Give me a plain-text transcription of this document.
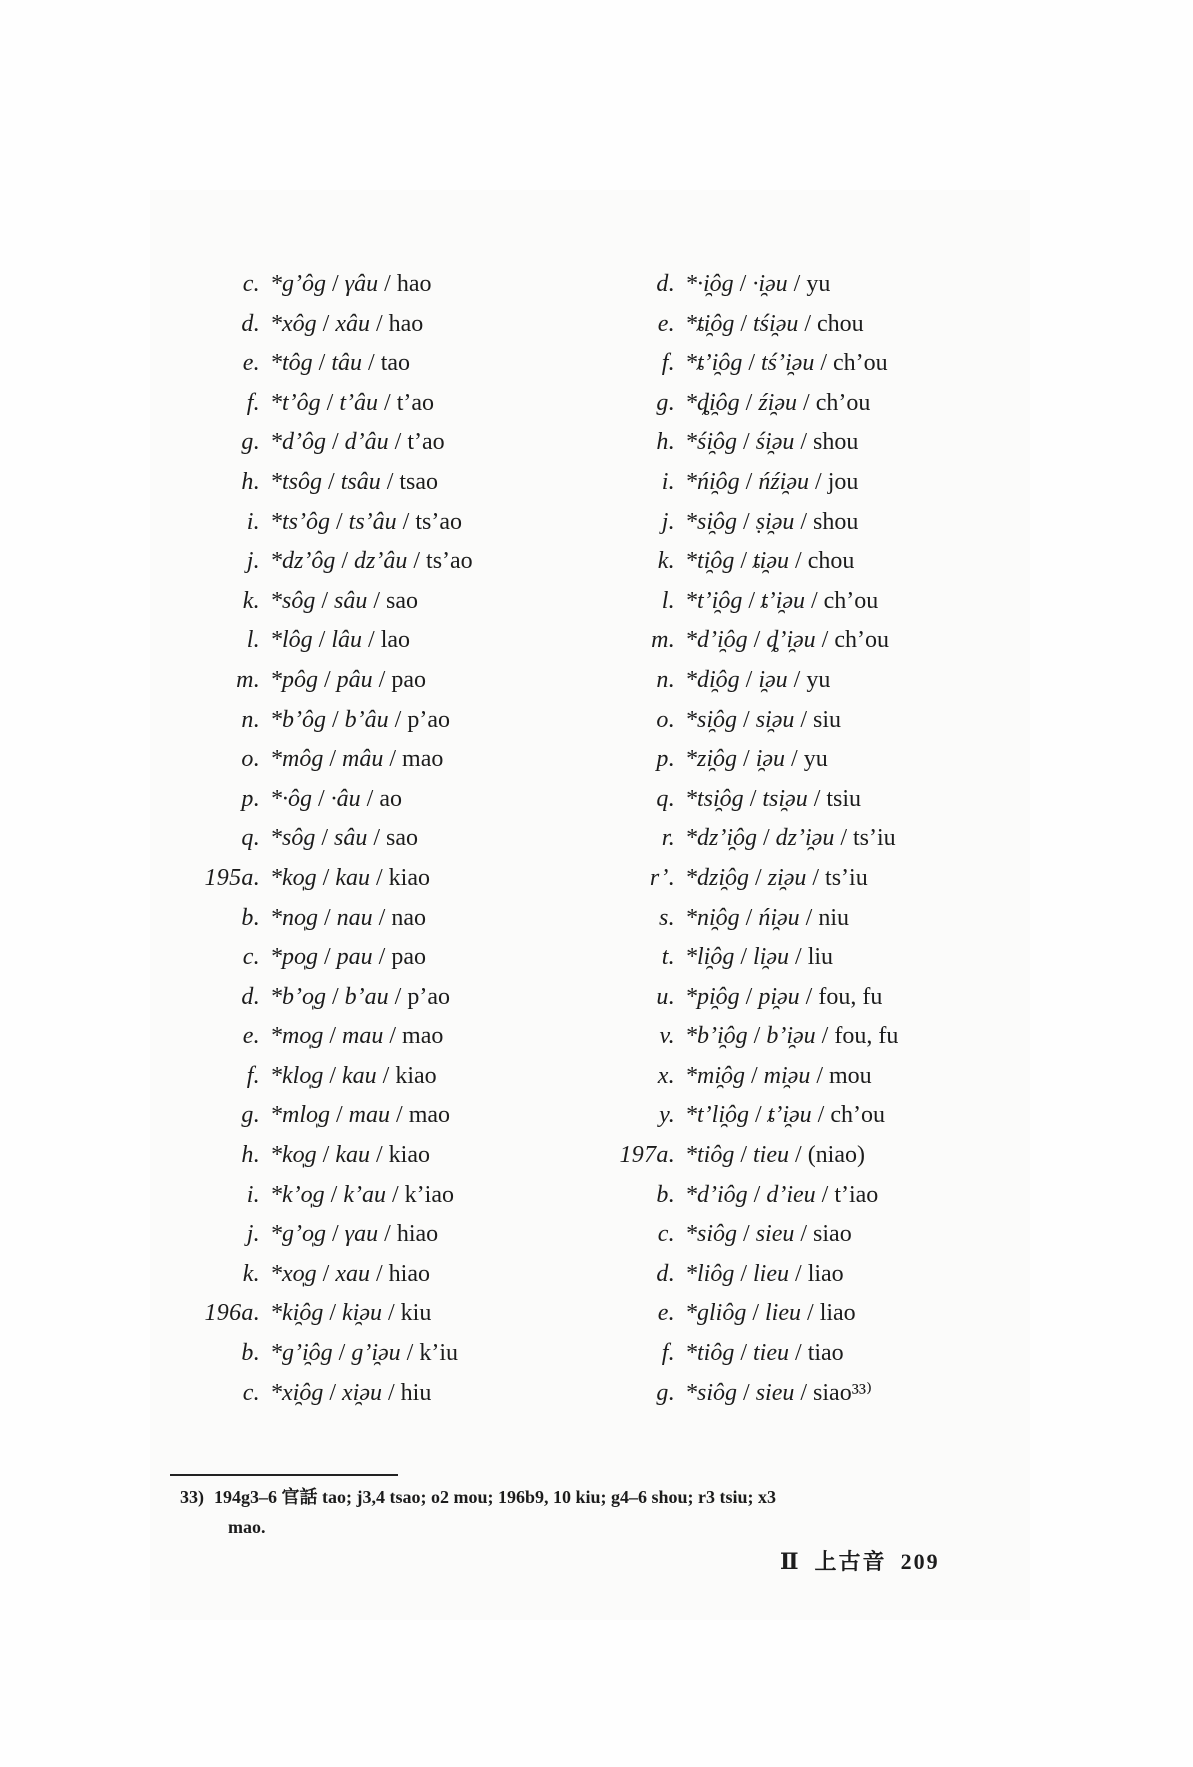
c. *g’ôg / γâu / hao
d. *xôg / xâu / hao
e. *tôg / tâu / tao
f. *t’ôg / t’âu / t’ao
g. *d’ôg / d’âu / t’ao
h. *tsôg / tsâu / tsao
i. *ts’ôg / ts’âu / ts’ao
j. *dz’ôg / dz’âu / ts’ao
k. *sôg / sâu / sao
l. *lôg / lâu / lao
m. *pôg / pâu / pao
n. *b’ôg / b’âu / p’ao
o. *môg / mâu / mao
p. *·ôg / ·âu / ao
q. *sôg / sâu / sao
195a. *ko̩g / kau / kiao
b. *no̩g / nau / nao
c. *po̩g / pau / pao
d. *b’o̩g / b’au / p’ao
e. *mo̩g / mau / mao
f. *klo̩g / kau / kiao
g. *mlo̩g / mau / mao
h. *ko̩g / kau / kiao
i. *k’o̩g / k’au / k’iao
j. *g’o̩g / γau / hiao
k. *xo̩g / xau / hiao
196a. *ki̯ôg / ki̯əu / kiu
b. *g’i̯ôg / g’i̯əu / k’iu
c. *xi̯ôg / xi̯əu / hiu
d. *·i̯ôg / ·i̯əu / yu
e. *ȶi̯ôg / tśi̯əu / chou
f. *ȶ’i̯ôg / tś’i̯əu / ch’ou
g. *ȡi̯ôg / źi̯əu / ch’ou
h. *śi̯ôg / śi̯əu / shou
i. *ńi̯ôg / ńźi̯əu / jou
j. *si̯ôg / ṣi̯əu / shou
k. *ti̯ôg / ȶi̯əu / chou
l. *t’i̯ôg / ȶ’i̯əu / ch’ou
m. *d’i̯ôg / ȡ’i̯əu / ch’ou
n. *di̯ôg / i̯əu / yu
o. *si̯ôg / si̯əu / siu
p. *zi̯ôg / i̯əu / yu
q. *tsi̯ôg / tsi̯əu / tsiu
r. *dz’i̯ôg / dz’i̯əu / ts’iu
r’. *dzi̯ôg / zi̯əu / ts’iu
s. *ni̯ôg / ńi̯əu / niu
t. *li̯ôg / li̯əu / liu
u. *pi̯ôg / pi̯əu / fou, fu
v. *b’i̯ôg / b’i̯əu / fou, fu
x. *mi̯ôg / mi̯əu / mou
y. *t’li̯ôg / ȶ’i̯əu / ch’ou
197a. *tiôg / tieu / (niao)
b. *d’iôg / d’ieu / t’iao
c. *siôg / sieu / siao
d. *liôg / lieu / liao
e. *gliôg / lieu / liao
f. *tiôg / tieu / tiao
g. *siôg / sieu / siao³³⁾
33) 194g3–6 官話 tao; j3,4 tsao; o2 mou; 196b9, 10 kiu; g4–6 shou; r3 tsiu; x3
mao.
Ⅱ 上古音 209
